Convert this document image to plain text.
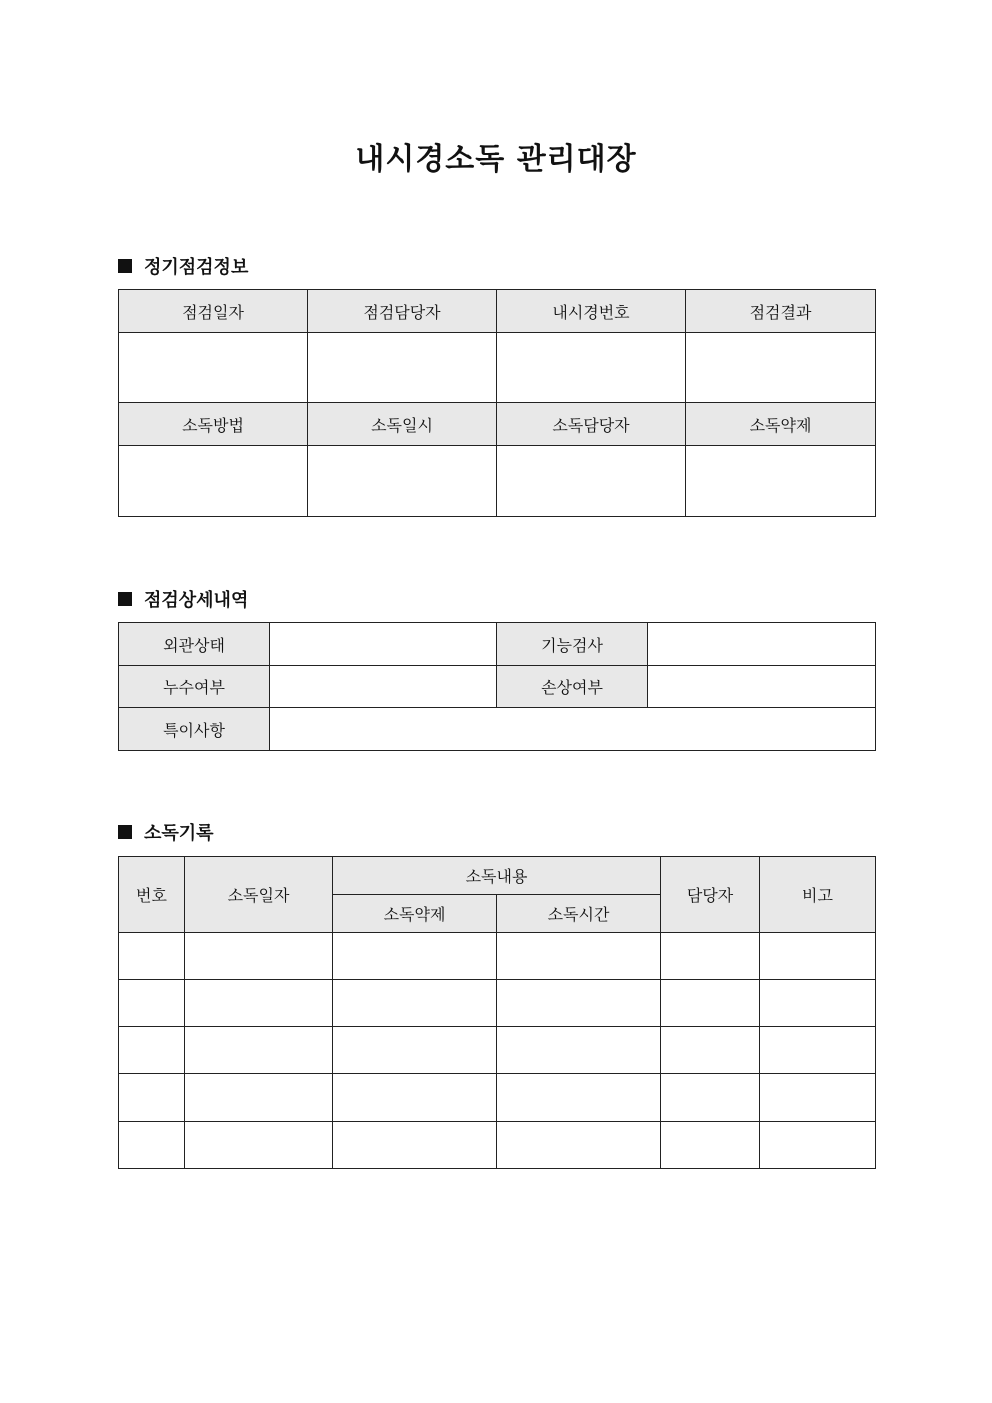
내시경소독 관리대장
정기점검정보
점검일자	점검담당자	내시경번호	점검결과

소독방법	소독일시	소독담당자	소독약제

점검상세내역
외관상태		기능검사	
누수여부		손상여부	
특이사항			
소독기록
번호	소독일자	소독내용		담당자	비고
		소독약제	소독시간		
